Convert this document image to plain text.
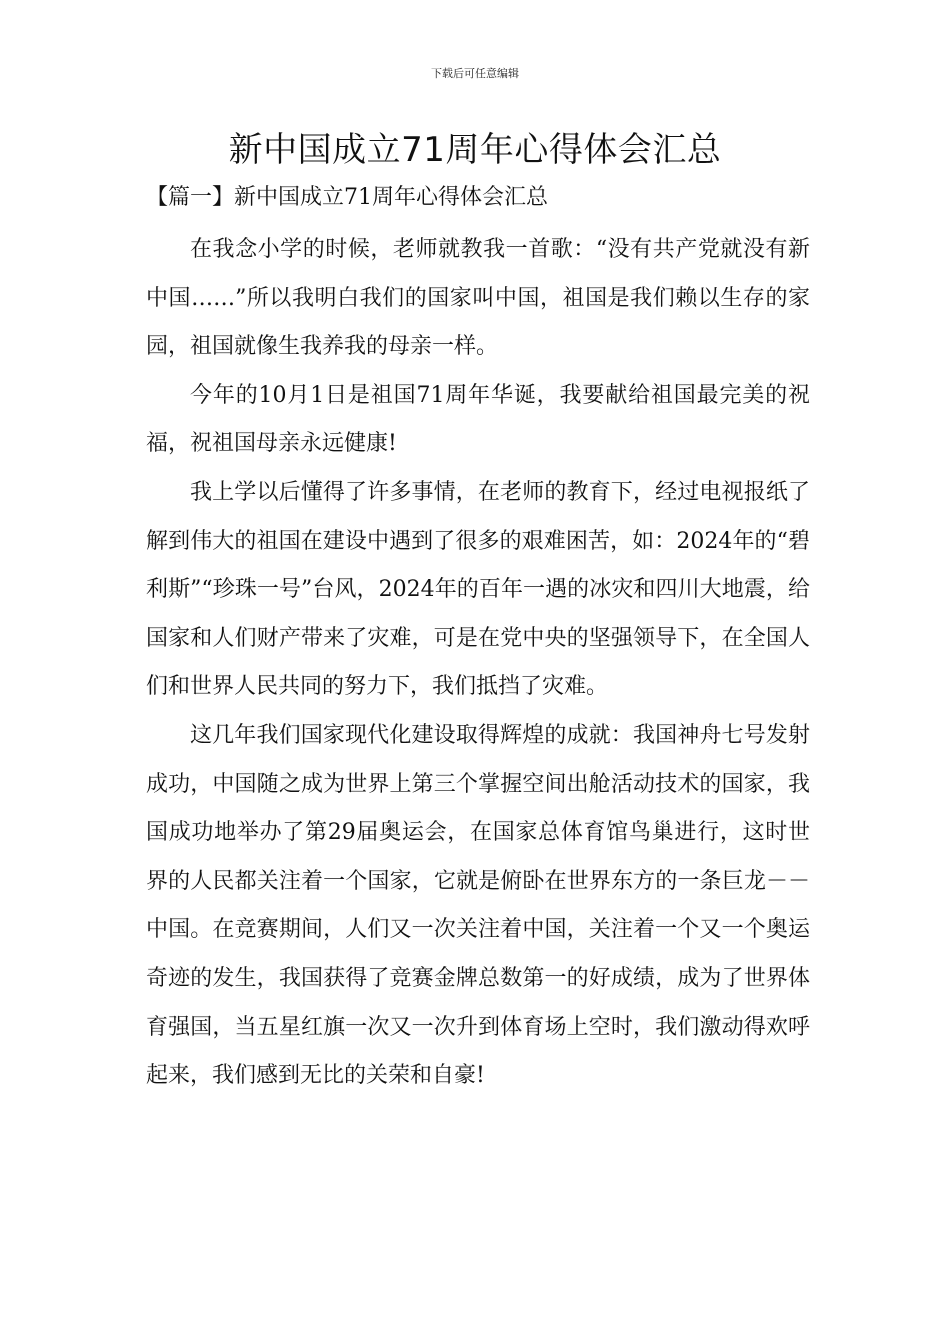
下载后可任意编辑
新中国成立71周年心得体会汇总
【篇一】新中国成立71周年心得体会汇总

在我念小学的时候，老师就教我一首歌：“没有共产党就没有新中国……”所以我明白我们的国家叫中国，祖国是我们赖以生存的家园，祖国就像生我养我的母亲一样。

今年的10月1日是祖国71周年华诞，我要献给祖国最完美的祝福，祝祖国母亲永远健康!

我上学以后懂得了许多事情，在老师的教育下，经过电视报纸了解到伟大的祖国在建设中遇到了很多的艰难困苦，如：2024年的“碧利斯”“珍珠一号”台风，2024年的百年一遇的冰灾和四川大地震，给国家和人们财产带来了灾难，可是在党中央的坚强领导下，在全国人们和世界人民共同的努力下，我们抵挡了灾难。

这几年我们国家现代化建设取得辉煌的成就：我国神舟七号发射成功，中国随之成为世界上第三个掌握空间出舱活动技术的国家，我国成功地举办了第29届奥运会，在国家总体育馆鸟巢进行，这时世界的人民都关注着一个国家，它就是俯卧在世界东方的一条巨龙－－中国。在竞赛期间，人们又一次关注着中国，关注着一个又一个奥运奇迹的发生，我国获得了竞赛金牌总数第一的好成绩，成为了世界体育强国，当五星红旗一次又一次升到体育场上空时，我们激动得欢呼起来，我们感到无比的关荣和自豪!
